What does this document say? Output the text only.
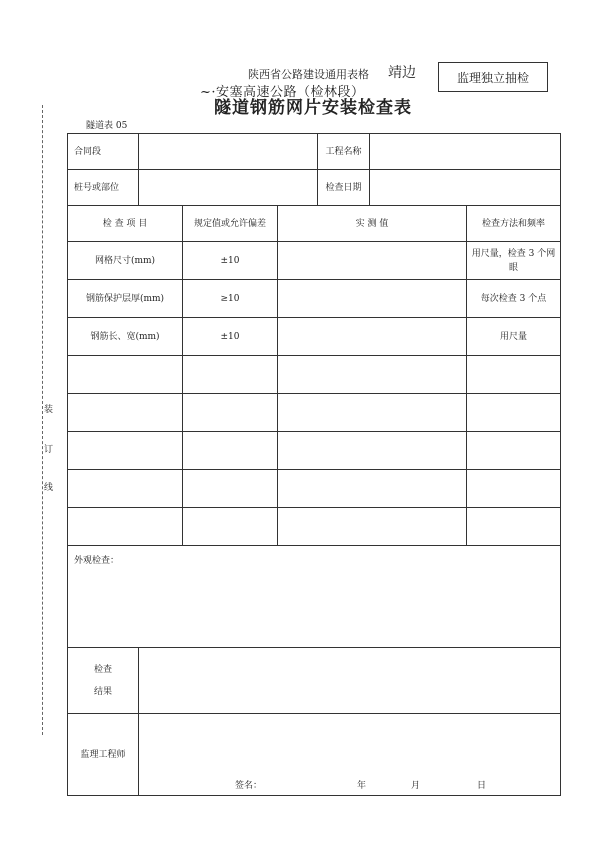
陕西省公路建设通用表格 靖边
~·安塞高速公路（检林段）
隧道钢筋网片安装检查表
监理独立抽检
隧道表 05
装
订
线
合同段				工程名称		
桩号或部位				检查日期		
检 查 项 目		规定值或允许偏差	实 测 值			检查方法和频率
网格尺寸(mm)		±10				用尺量，检查 3 个网眼
钢筋保护层厚(mm)		≥10				每次检查 3 个点
钢筋长、宽(mm)		±10				用尺量

外观检查：						

检查
结果						

监理工程师	签名： 年 月 日					
